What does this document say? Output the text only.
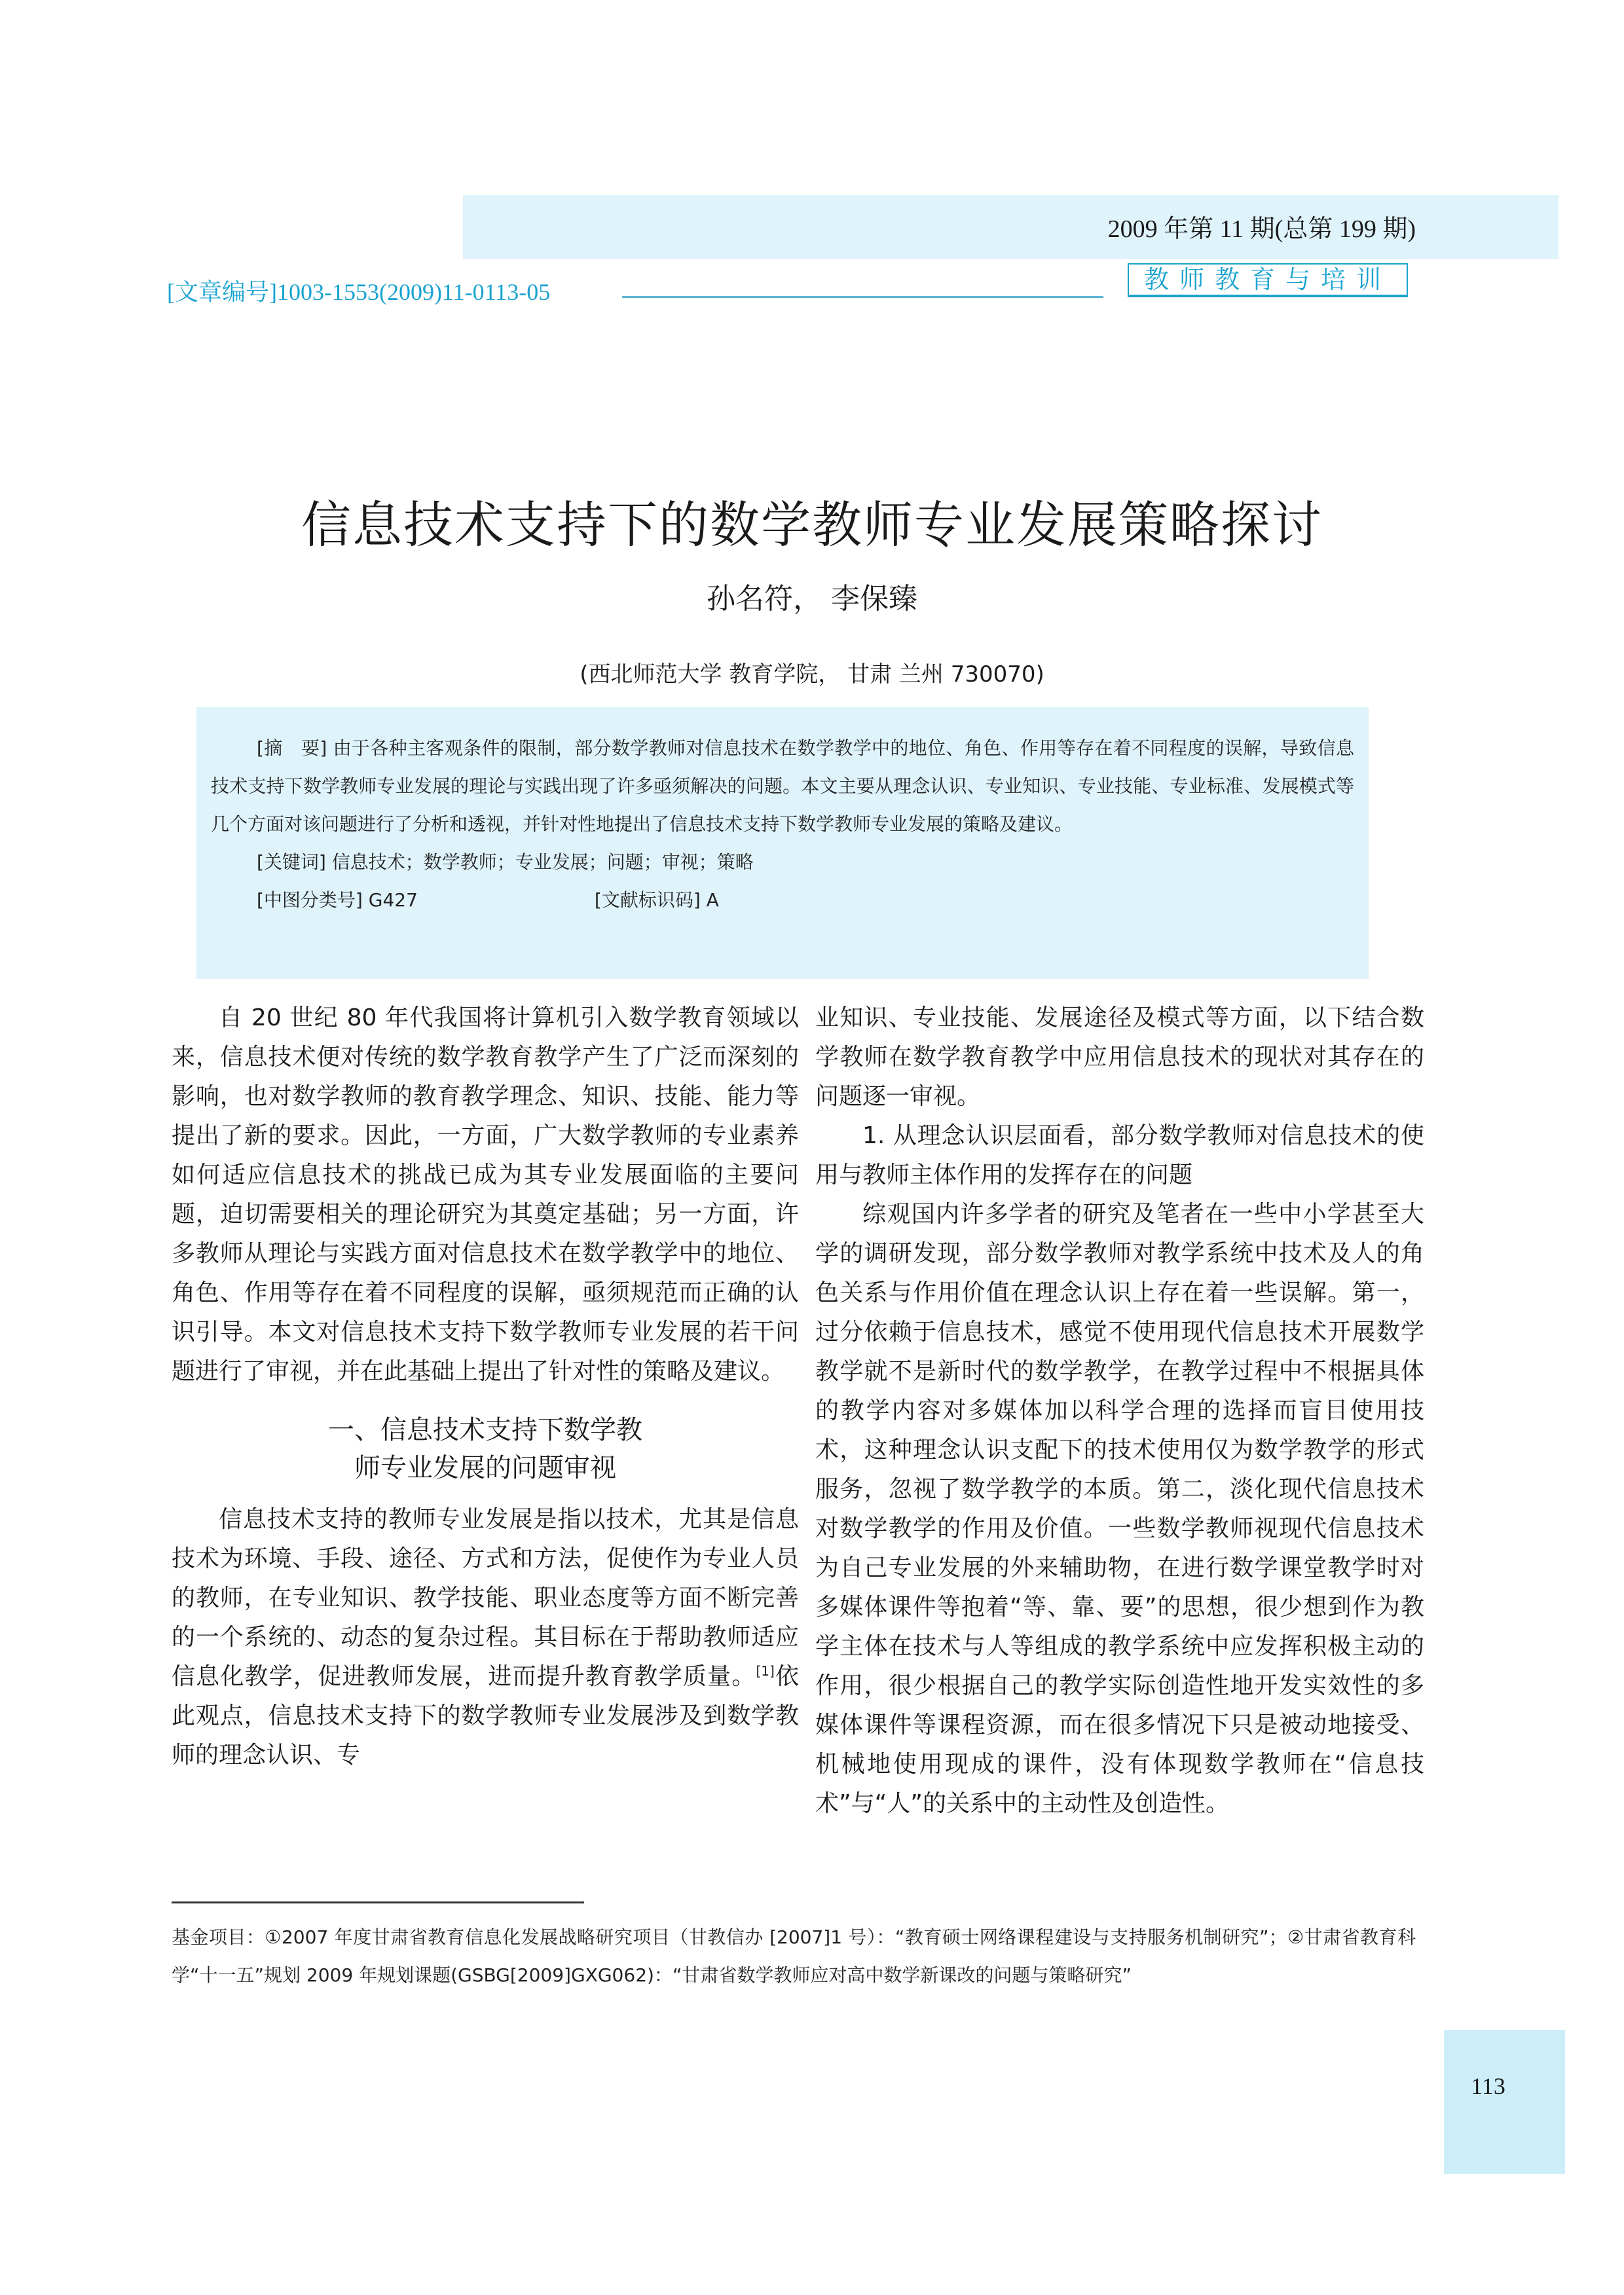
2009 年第 11 期(总第 199 期)
[文章编号]1003-1553(2009)11-0113-05	教师教育与培训
信息技术支持下的数学教师专业发展策略探讨
孙名符， 李保臻
(西北师范大学 教育学院， 甘肃 兰州 730070)

[摘　要] 由于各种主客观条件的限制，部分数学教师对信息技术在数学教学中的地位、角色、作用等存在着不同程度的误解，导致信息技术支持下数学教师专业发展的理论与实践出现了许多亟须解决的问题。本文主要从理念认识、专业知识、专业技能、专业标准、发展模式等几个方面对该问题进行了分析和透视，并针对性地提出了信息技术支持下数学教师专业发展的策略及建议。

[关键词] 信息技术；数学教师；专业发展；问题；审视；策略

[中图分类号] G427	[文献标识码] A

自 20 世纪 80 年代我国将计算机引入数学教育领域以来，信息技术便对传统的数学教育教学产生了广泛而深刻的影响，也对数学教师的教育教学理念、知识、技能、能力等提出了新的要求。因此，一方面，广大数学教师的专业素养如何适应信息技术的挑战已成为其专业发展面临的主要问题，迫切需要相关的理论研究为其奠定基础；另一方面，许多教师从理论与实践方面对信息技术在数学教学中的地位、角色、作用等存在着不同程度的误解，亟须规范而正确的认识引导。本文对信息技术支持下数学教师专业发展的若干问题进行了审视，并在此基础上提出了针对性的策略及建议。

一、信息技术支持下数学教
师专业发展的问题审视

信息技术支持的教师专业发展是指以技术，尤其是信息技术为环境、手段、途径、方式和方法，促使作为专业人员的教师，在专业知识、教学技能、职业态度等方面不断完善的一个系统的、动态的复杂过程。其目标在于帮助教师适应信息化教学，促进教师发展，进而提升教育教学质量。[1]依此观点，信息技术支持下的数学教师专业发展涉及到数学教师的理念认识、专

业知识、专业技能、发展途径及模式等方面，以下结合数学教师在数学教育教学中应用信息技术的现状对其存在的问题逐一审视。

1. 从理念认识层面看，部分数学教师对信息技术的使用与教师主体作用的发挥存在的问题

综观国内许多学者的研究及笔者在一些中小学甚至大学的调研发现，部分数学教师对教学系统中技术及人的角色关系与作用价值在理念认识上存在着一些误解。第一，过分依赖于信息技术，感觉不使用现代信息技术开展数学教学就不是新时代的数学教学，在教学过程中不根据具体的教学内容对多媒体加以科学合理的选择而盲目使用技术，这种理念认识支配下的技术使用仅为数学教学的形式服务，忽视了数学教学的本质。第二，淡化现代信息技术对数学教学的作用及价值。一些数学教师视现代信息技术为自己专业发展的外来辅助物，在进行数学课堂教学时对多媒体课件等抱着“等、靠、要”的思想，很少想到作为教学主体在技术与人等组成的教学系统中应发挥积极主动的作用，很少根据自己的教学实际创造性地开发实效性的多媒体课件等课程资源，而在很多情况下只是被动地接受、机械地使用现成的课件，没有体现数学教师在“信息技术”与“人”的关系中的主动性及创造性。

基金项目：①2007 年度甘肃省教育信息化发展战略研究项目（甘教信办 [2007]1 号）：“教育硕士网络课程建设与支持服务机制研究”；②甘肃省教育科学“十一五”规划 2009 年规划课题(GSBG[2009]GXG062)：“甘肃省数学教师应对高中数学新课改的问题与策略研究”
113
